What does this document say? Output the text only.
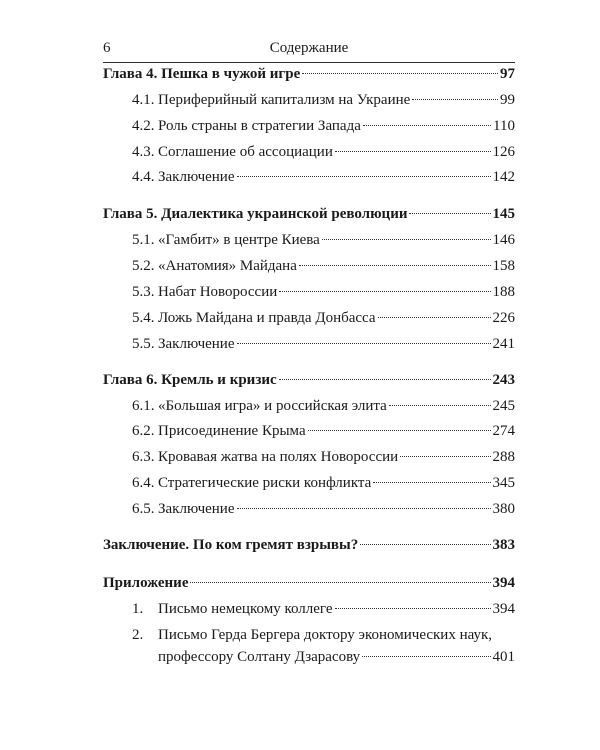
6	Содержание
Глава 4. Пешка в чужой игре	97
4.1. Периферийный капитализм на Украине	99
4.2. Роль страны в стратегии Запада	110
4.3. Соглашение об ассоциации	126
4.4. Заключение	142
Глава 5. Диалектика украинской революции	145
5.1. «Гамбит» в центре Киева	146
5.2. «Анатомия» Майдана	158
5.3. Набат Новороссии	188
5.4. Ложь Майдана и правда Донбасса	226
5.5. Заключение	241
Глава 6. Кремль и кризис	243
6.1. «Большая игра» и российская элита	245
6.2. Присоединение Крыма	274
6.3. Кровавая жатва на полях Новороссии	288
6.4. Стратегические риски конфликта	345
6.5. Заключение	380
Заключение. По ком гремят взрывы?	383
Приложение	394
1. Письмо немецкому коллеге	394
2. Письмо Герда Бергера доктору экономических наук,
профессору Солтану Дзарасову	401
